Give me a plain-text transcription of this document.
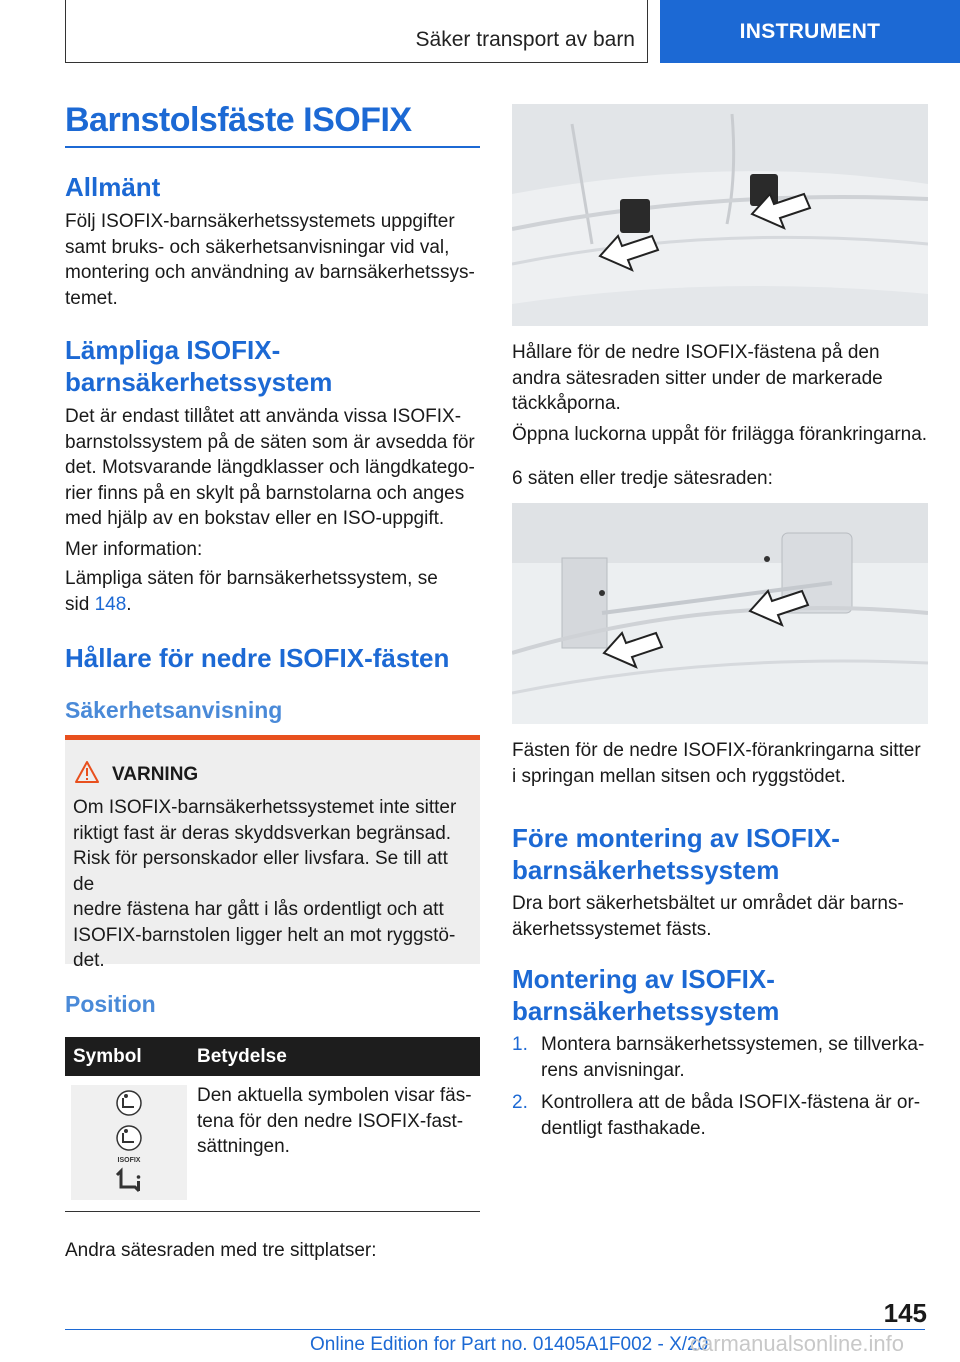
Säker transport av barn	INSTRUMENT
Barnstolsfäste ISOFIX
Allmänt
Följ ISOFIX-barnsäkerhetssystemets uppgifter
samt bruks- och säkerhetsanvisningar vid val,
montering och användning av barnsäkerhetssys-
temet.
Lämpliga ISOFIX-
barnsäkerhetssystem
Det är endast tillåtet att använda vissa ISOFIX-
barnstolssystem på de säten som är avsedda för
det. Motsvarande längdklasser och längdkatego-
rier finns på en skylt på barnstolarna och anges
med hjälp av en bokstav eller en ISO-uppgift.
Mer information:
Lämpliga säten för barnsäkerhetssystem, se
sid 148.
Hållare för nedre ISOFIX-fästen
Säkerhetsanvisning
VARNING
Om ISOFIX-barnsäkerhetssystemet inte sitter
riktigt fast är deras skyddsverkan begränsad.
Risk för personskador eller livsfara. Se till att de
nedre fästena har gått i lås ordentligt och att
ISOFIX-barnstolen ligger helt an mot ryggstö-
det.
Position
Symbol	Betydelse
ISOFIX
Den aktuella symbolen visar fäs-
tena för den nedre ISOFIX-fast-
sättningen.
Andra sätesraden med tre sittplatser:
Hållare för de nedre ISOFIX-fästena på den
andra sätesraden sitter under de markerade
täckkåporna.
Öppna luckorna uppåt för frilägga förankringarna.
6 säten eller tredje sätesraden:
Fästen för de nedre ISOFIX-förankringarna sitter
i springan mellan sitsen och ryggstödet.
Före montering av ISOFIX-
barnsäkerhetssystem
Dra bort säkerhetsbältet ur området där barns-
äkerhetssystemet fästs.
Montering av ISOFIX-
barnsäkerhetssystem
1. Montera barnsäkerhetssystemen, se tillverka-
rens anvisningar.
2. Kontrollera att de båda ISOFIX-fästena är or-
dentligt fasthakade.
145
Online Edition for Part no. 01405A1F002 - X/20
carmanualsonline.info
